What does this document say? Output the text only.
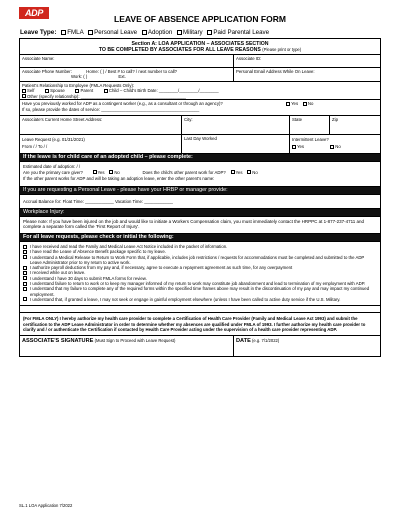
ADP
LEAVE OF ABSENCE APPLICATION FORM
Leave Type: FMLA Personal Leave Adoption Military Paid Parental Leave
Section A: LOA APPLICATION – ASSOCIATES SECTION
TO BE COMPLETED BY ASSOCIATES FOR ALL LEAVE REASONS (Please print or type)
Associate Name:	Associate ID:
Associate Phone Number:	Home: ( ) / Best # to call? / next number to call?
Work: ( )	Ext.
Personal Email Address While On Leave:
Patient's Relationship to Employee (FMLA Requests Only):
Self	Spouse	Parent	Child – Child's Birth Date: ________/________/________
Other (specify relationship): ____________________________________________
Have you previously worked for ADP as a contingent worker (e.g., as a consultant or through an agency)?	Yes No
If so, please provide the dates of service: _________________________________________
Associate's Current Home Street Address:	City:	State	Zip
Leave Request (e.g. 01/31/2021)
From / / To / /
Last Day Worked	Intermittent Leave?
Yes	No
If the leave is for child care of an adopted child – please complete:
Estimated date of adoption: / /
Are you the primary care giver?	Yes No	Does the child's other parent work for ADP? Yes No
If the other parent works for ADP and will be taking an adoption leave, enter the other parent's name:
If you are requesting a Personal Leave - please have your HRBP or manager provide:
Accrual Balance for: Float Time: ____________ Vacation Time: ____________
Workplace Injury:
Please note: If you have been injured on the job and would like to initiate a Workers Compensation claim, you must immediately contact the HRPPC at 1-877-237-4711 and complete a separate form called the 'First Report of Injury'.
For all leave requests, please check or initial the following:
I have received and read the Family and Medical Leave Act Notice included in the packet of information.
I have read the Leave of Absence Benefit package specific to my leave.
I understand a Medical Release to Return to Work Form that, if applicable, includes job restrictions / requests for accommodations must be completed and submitted to the ADP Leave Administrator prior to my return to active work.
I authorize payroll deductions from my pay and, if necessary, agree to execute a repayment agreement as such time, for any overpayment
I received while out on leave.
I understand I have 30 days to submit FMLA forms for review.
I understand failure to return to work or to keep my manager informed of my return to work may constitute job abandonment and lead to termination of my employment with ADP.
I understand that my failure to complete any of the required forms within the specified time frames above may result in the discontinuation of my pay and may impact my continued employment.
I understand that, if granted a leave, I may not seek or engage in gainful employment elsewhere (unless I have been called to active duty service if the U.S. Military.
(For FMLA ONLY) I hereby authorize my health care provider to complete a Certification of Health Care Provider (Family and Medical Leave Act 1993) and submit the certification to the ADP Leave Administrator in order to determine whether my absences are qualified under FMLA of 1993. I further authorize my health care provider to clarify and / or authenticate the Certification if contacted by Health Care Provider acting under the supervision of a health care provider representing ADP.
ASSOCIATE'S SIGNATURE (Must Sign to Proceed with Leave Request)	DATE (e.g. 7/1/2022)
SL.1 LOA Application 7/2022
